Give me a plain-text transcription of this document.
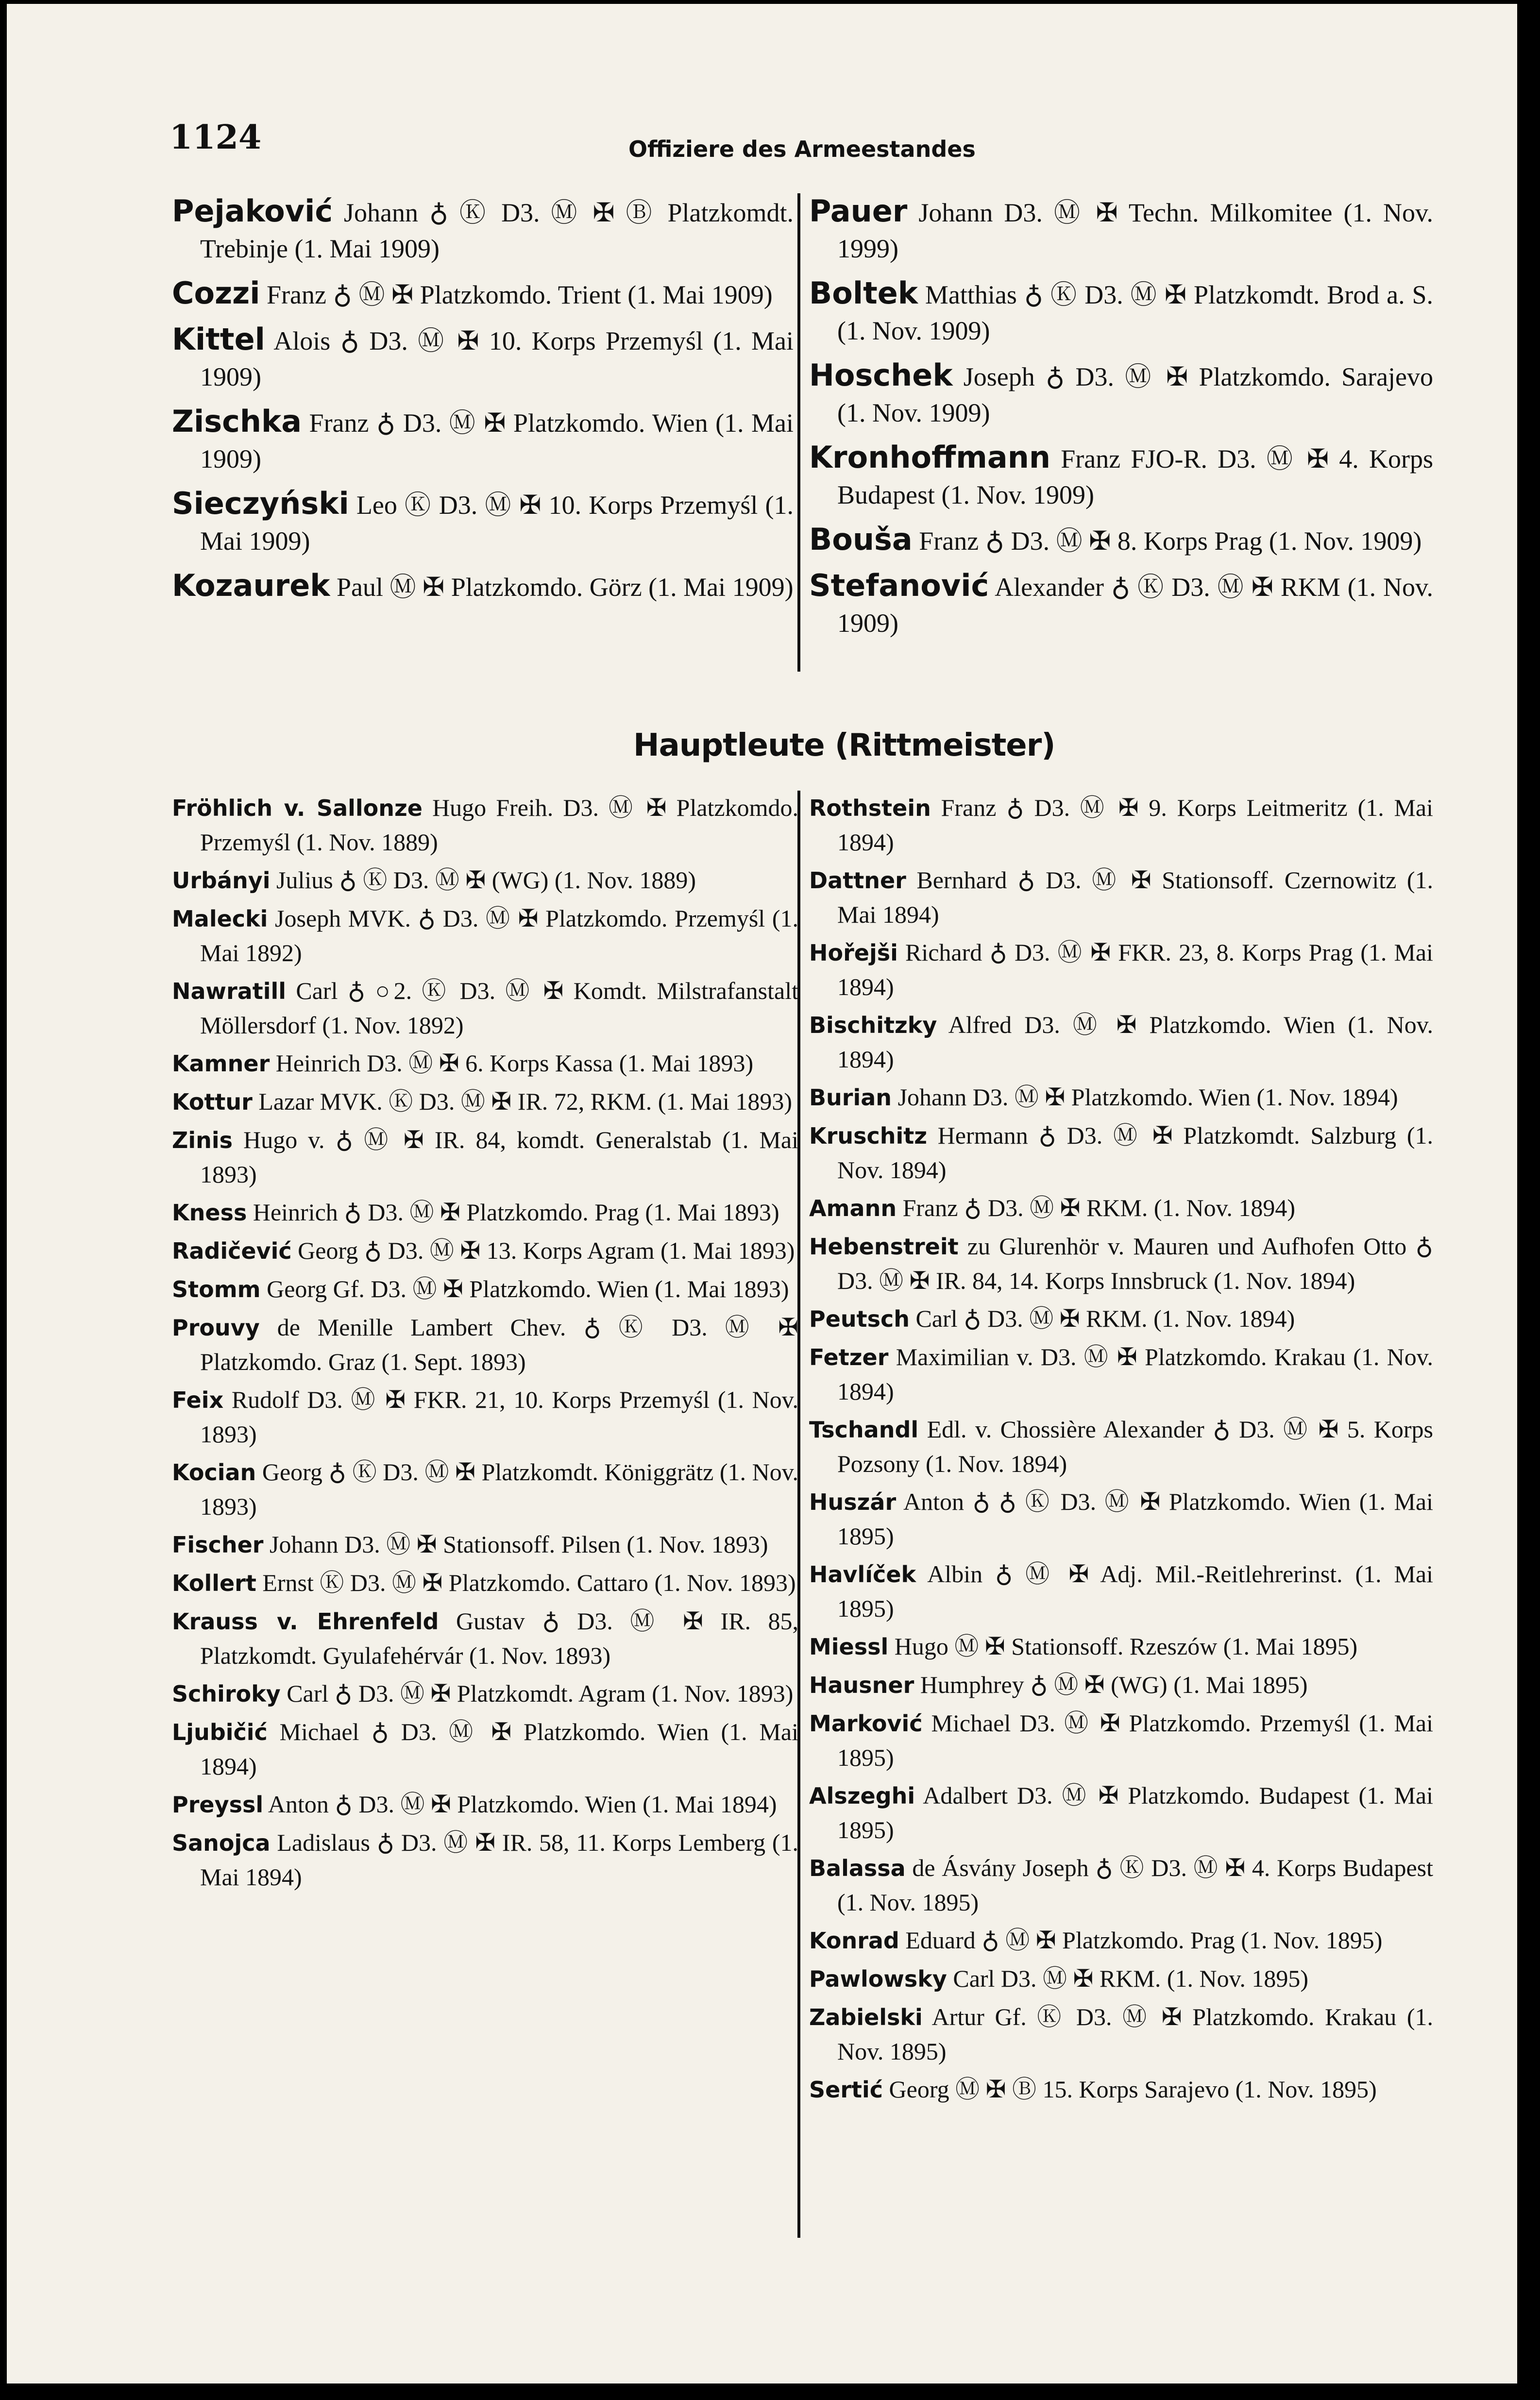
1124	Offiziere des Armeestandes

Pejaković Johann ♁ Ⓚ D3. Ⓜ ✠ Ⓑ Platzkomdt. Trebinje (1. Mai 1909)

Cozzi Franz ♁ Ⓜ ✠ Platzkomdo. Trient (1. Mai 1909)

Kittel Alois ♁ D3. Ⓜ ✠ 10. Korps Przemyśl (1. Mai 1909)

Zischka Franz ♁ D3. Ⓜ ✠ Platzkomdo. Wien (1. Mai 1909)

Sieczyński Leo Ⓚ D3. Ⓜ ✠ 10. Korps Przemyśl (1. Mai 1909)

Kozaurek Paul Ⓜ ✠ Platzkomdo. Görz (1. Mai 1909)

Pauer Johann D3. Ⓜ ✠ Techn. Milkomitee (1. Nov. 1999)

Boltek Matthias ♁ Ⓚ D3. Ⓜ ✠ Platzkomdt. Brod a. S. (1. Nov. 1909)

Hoschek Joseph ♁ D3. Ⓜ ✠ Platzkomdo. Sarajevo (1. Nov. 1909)

Kronhoffmann Franz FJO-R. D3. Ⓜ ✠ 4. Korps Budapest (1. Nov. 1909)

Bouša Franz ♁ D3. Ⓜ ✠ 8. Korps Prag (1. Nov. 1909)

Stefanović Alexander ♁ Ⓚ D3. Ⓜ ✠ RKM (1. Nov. 1909)

Hauptleute (Rittmeister)

Fröhlich v. Sallonze Hugo Freih. D3. Ⓜ ✠ Platzkomdo. Przemyśl (1. Nov. 1889)

Urbányi Julius ♁ Ⓚ D3. Ⓜ ✠ (WG) (1. Nov. 1889)

Malecki Joseph MVK. ♁ D3. Ⓜ ✠ Platzkomdo. Przemyśl (1. Mai 1892)

Nawratill Carl ♁ ○2. Ⓚ D3. Ⓜ ✠ Komdt. Milstrafanstalt Möllersdorf (1. Nov. 1892)

Kamner Heinrich D3. Ⓜ ✠ 6. Korps Kassa (1. Mai 1893)

Kottur Lazar MVK. Ⓚ D3. Ⓜ ✠ IR. 72, RKM. (1. Mai 1893)

Zinis Hugo v. ♁ Ⓜ ✠ IR. 84, komdt. Generalstab (1. Mai 1893)

Kness Heinrich ♁ D3. Ⓜ ✠ Platzkomdo. Prag (1. Mai 1893)

Radičević Georg ♁ D3. Ⓜ ✠ 13. Korps Agram (1. Mai 1893)

Stomm Georg Gf. D3. Ⓜ ✠ Platzkomdo. Wien (1. Mai 1893)

Prouvy de Menille Lambert Chev. ♁ Ⓚ D3. Ⓜ ✠ Platzkomdo. Graz (1. Sept. 1893)

Feix Rudolf D3. Ⓜ ✠ FKR. 21, 10. Korps Przemyśl (1. Nov. 1893)

Kocian Georg ♁ Ⓚ D3. Ⓜ ✠ Platzkomdt. Königgrätz (1. Nov. 1893)

Fischer Johann D3. Ⓜ ✠ Stationsoff. Pilsen (1. Nov. 1893)

Kollert Ernst Ⓚ D3. Ⓜ ✠ Platzkomdo. Cattaro (1. Nov. 1893)

Krauss v. Ehrenfeld Gustav ♁ D3. Ⓜ ✠ IR. 85, Platzkomdt. Gyulafehérvár (1. Nov. 1893)

Schiroky Carl ♁ D3. Ⓜ ✠ Platzkomdt. Agram (1. Nov. 1893)

Ljubičić Michael ♁ D3. Ⓜ ✠ Platzkomdo. Wien (1. Mai 1894)

Preyssl Anton ♁ D3. Ⓜ ✠ Platzkomdo. Wien (1. Mai 1894)

Sanojca Ladislaus ♁ D3. Ⓜ ✠ IR. 58, 11. Korps Lemberg (1. Mai 1894)

Rothstein Franz ♁ D3. Ⓜ ✠ 9. Korps Leitmeritz (1. Mai 1894)

Dattner Bernhard ♁ D3. Ⓜ ✠ Stationsoff. Czernowitz (1. Mai 1894)

Hořejši Richard ♁ D3. Ⓜ ✠ FKR. 23, 8. Korps Prag (1. Mai 1894)

Bischitzky Alfred D3. Ⓜ ✠ Platzkomdo. Wien (1. Nov. 1894)

Burian Johann D3. Ⓜ ✠ Platzkomdo. Wien (1. Nov. 1894)

Kruschitz Hermann ♁ D3. Ⓜ ✠ Platzkomdt. Salzburg (1. Nov. 1894)

Amann Franz ♁ D3. Ⓜ ✠ RKM. (1. Nov. 1894)

Hebenstreit zu Glurenhör v. Mauren und Aufhofen Otto ♁ D3. Ⓜ ✠ IR. 84, 14. Korps Innsbruck (1. Nov. 1894)

Peutsch Carl ♁ D3. Ⓜ ✠ RKM. (1. Nov. 1894)

Fetzer Maximilian v. D3. Ⓜ ✠ Platzkomdo. Krakau (1. Nov. 1894)

Tschandl Edl. v. Chossière Alexander ♁ D3. Ⓜ ✠ 5. Korps Pozsony (1. Nov. 1894)

Huszár Anton ♁ ♁ Ⓚ D3. Ⓜ ✠ Platzkomdo. Wien (1. Mai 1895)

Havlíček Albin ♁ Ⓜ ✠ Adj. Mil.-Reitlehrerinst. (1. Mai 1895)

Miessl Hugo Ⓜ ✠ Stationsoff. Rzeszów (1. Mai 1895)

Hausner Humphrey ♁ Ⓜ ✠ (WG) (1. Mai 1895)

Marković Michael D3. Ⓜ ✠ Platzkomdo. Przemyśl (1. Mai 1895)

Alszeghi Adalbert D3. Ⓜ ✠ Platzkomdo. Budapest (1. Mai 1895)

Balassa de Ásvány Joseph ♁ Ⓚ D3. Ⓜ ✠ 4. Korps Budapest (1. Nov. 1895)

Konrad Eduard ♁ Ⓜ ✠ Platzkomdo. Prag (1. Nov. 1895)

Pawlowsky Carl D3. Ⓜ ✠ RKM. (1. Nov. 1895)

Zabielski Artur Gf. Ⓚ D3. Ⓜ ✠ Platzkomdo. Krakau (1. Nov. 1895)

Sertić Georg Ⓜ ✠ Ⓑ 15. Korps Sarajevo (1. Nov. 1895)
